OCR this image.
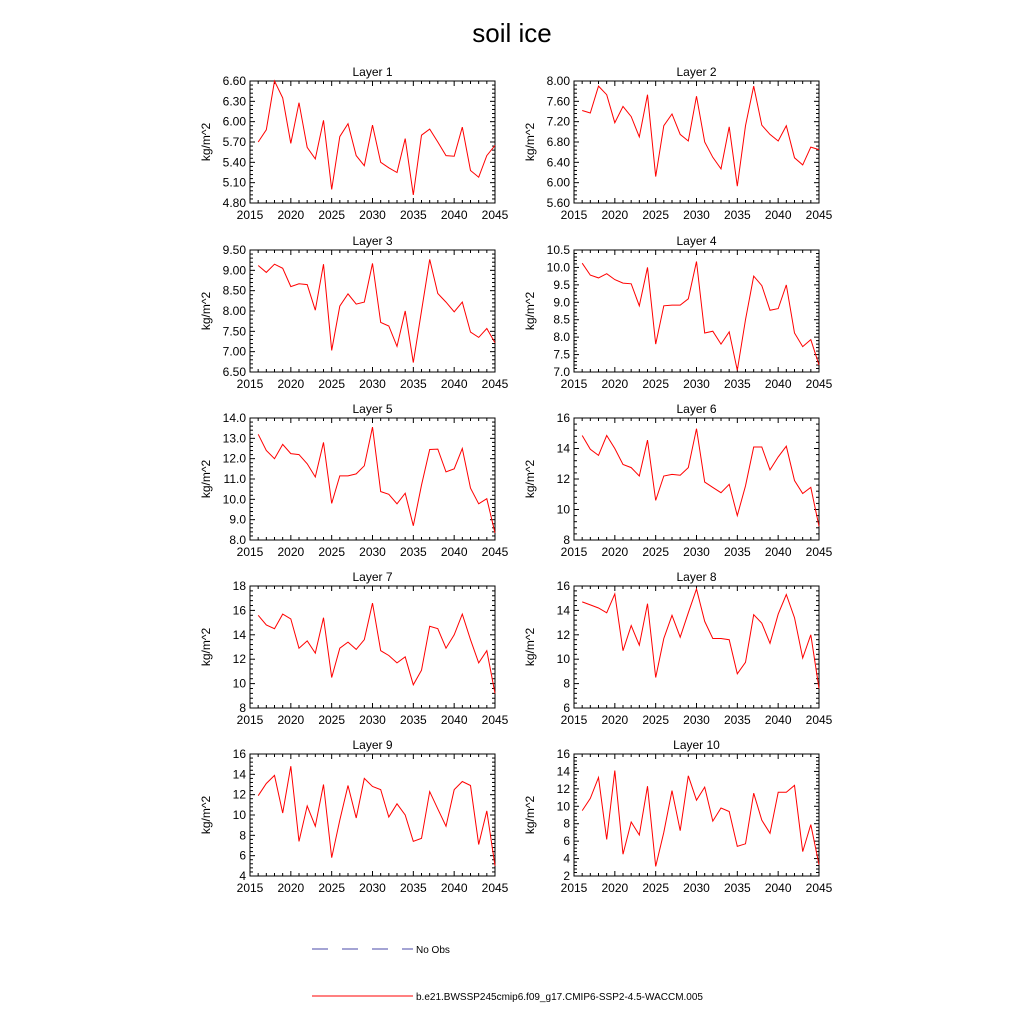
soil ice
Layer 1
kg/m^2
2015 2020 2025 2030 2035 2040 2045
4.80
5.10
5.40
5.70
6.00
6.30
6.60
Layer 2
kg/m^2
2015 2020 2025 2030 2035 2040 2045
5.60
6.00
6.40
6.80
7.20
7.60
8.00
Layer 3
kg/m^2
2015 2020 2025 2030 2035 2040 2045
6.50
7.00
7.50
8.00
8.50
9.00
9.50
Layer 4
kg/m^2
2015 2020 2025 2030 2035 2040 2045
7.0
7.5
8.0
8.5
9.0
9.5
10.0
10.5
Layer 5
kg/m^2
2015 2020 2025 2030 2035 2040 2045
8.0
9.0
10.0
11.0
12.0
13.0
14.0
Layer 6
kg/m^2
2015 2020 2025 2030 2035 2040 2045
8
10
12
14
16
Layer 7
kg/m^2
2015 2020 2025 2030 2035 2040 2045
8
10
12
14
16
18
Layer 8
kg/m^2
2015 2020 2025 2030 2035 2040 2045
6
8
10
12
14
16
Layer 9
kg/m^2
2015 2020 2025 2030 2035 2040 2045
4
6
8
10
12
14
16
Layer 10
kg/m^2
2015 2020 2025 2030 2035 2040 2045
2
4
6
8
10
12
14
16
No Obs
b.e21.BWSSP245cmip6.f09_g17.CMIP6-SSP2-4.5-WACCM.005
